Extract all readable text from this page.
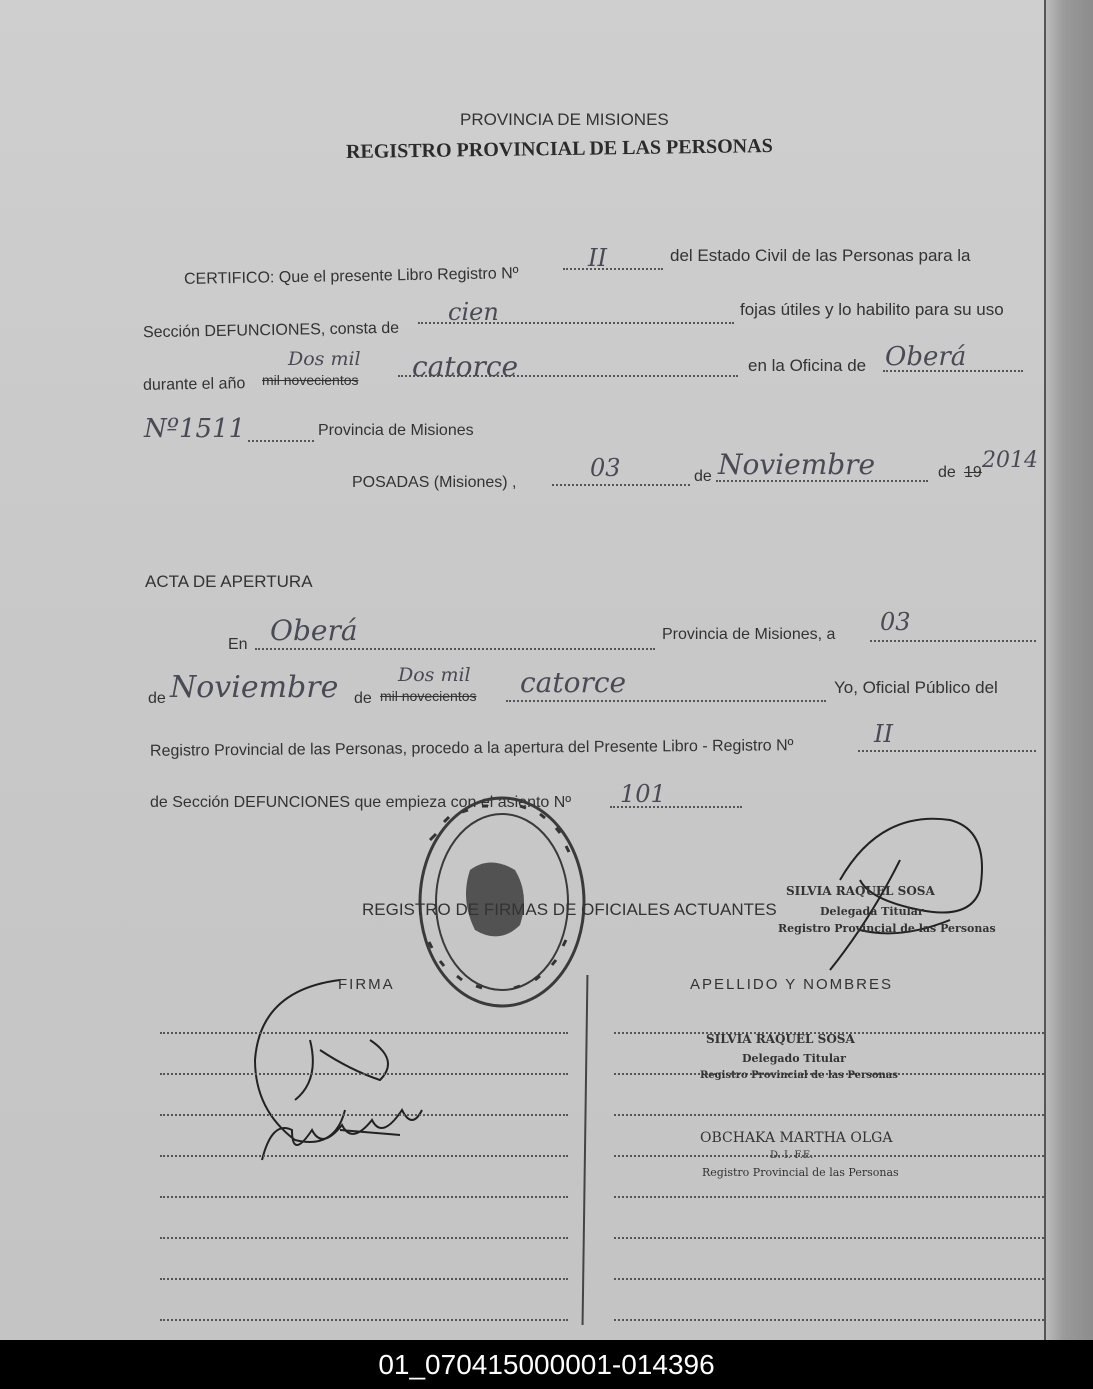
PROVINCIA DE MISIONES
REGISTRO PROVINCIAL DE LAS PERSONAS
CERTIFICO: Que el presente Libro Registro Nº
II	del Estado Civil de las Personas para la
Sección DEFUNCIONES, consta de
cien	fojas útiles y lo habilito para su uso
durante el año mil novecientos
Dos mil catorce	en la Oficina de Oberá
Nº1511	Provincia de Misiones
POSADAS (Misiones) ,
03	de Noviembre	de 19 2014
ACTA DE APERTURA
En Oberá	Provincia de Misiones, a 03
de Noviembre de mil novecientos
Dos mil catorce	Yo, Oficial Público del
Registro Provincial de las Personas, procedo a la apertura del Presente Libro - Registro Nº
II
de Sección DEFUNCIONES que empieza con el asiento Nº 101
SILVIA RAQUEL SOSA
Delegada Titular
Registro Provincial de las Personas
REGISTRO DE FIRMAS DE OFICIALES ACTUANTES
FIRMA	APELLIDO Y NOMBRES
SILVIA RAQUEL SOSA
Delegado Titular
Registro Provincial de las Personas
OBCHAKA MARTHA OLGA
D. I. F.E.
Registro Provincial de las Personas
01_070415000001-014396
